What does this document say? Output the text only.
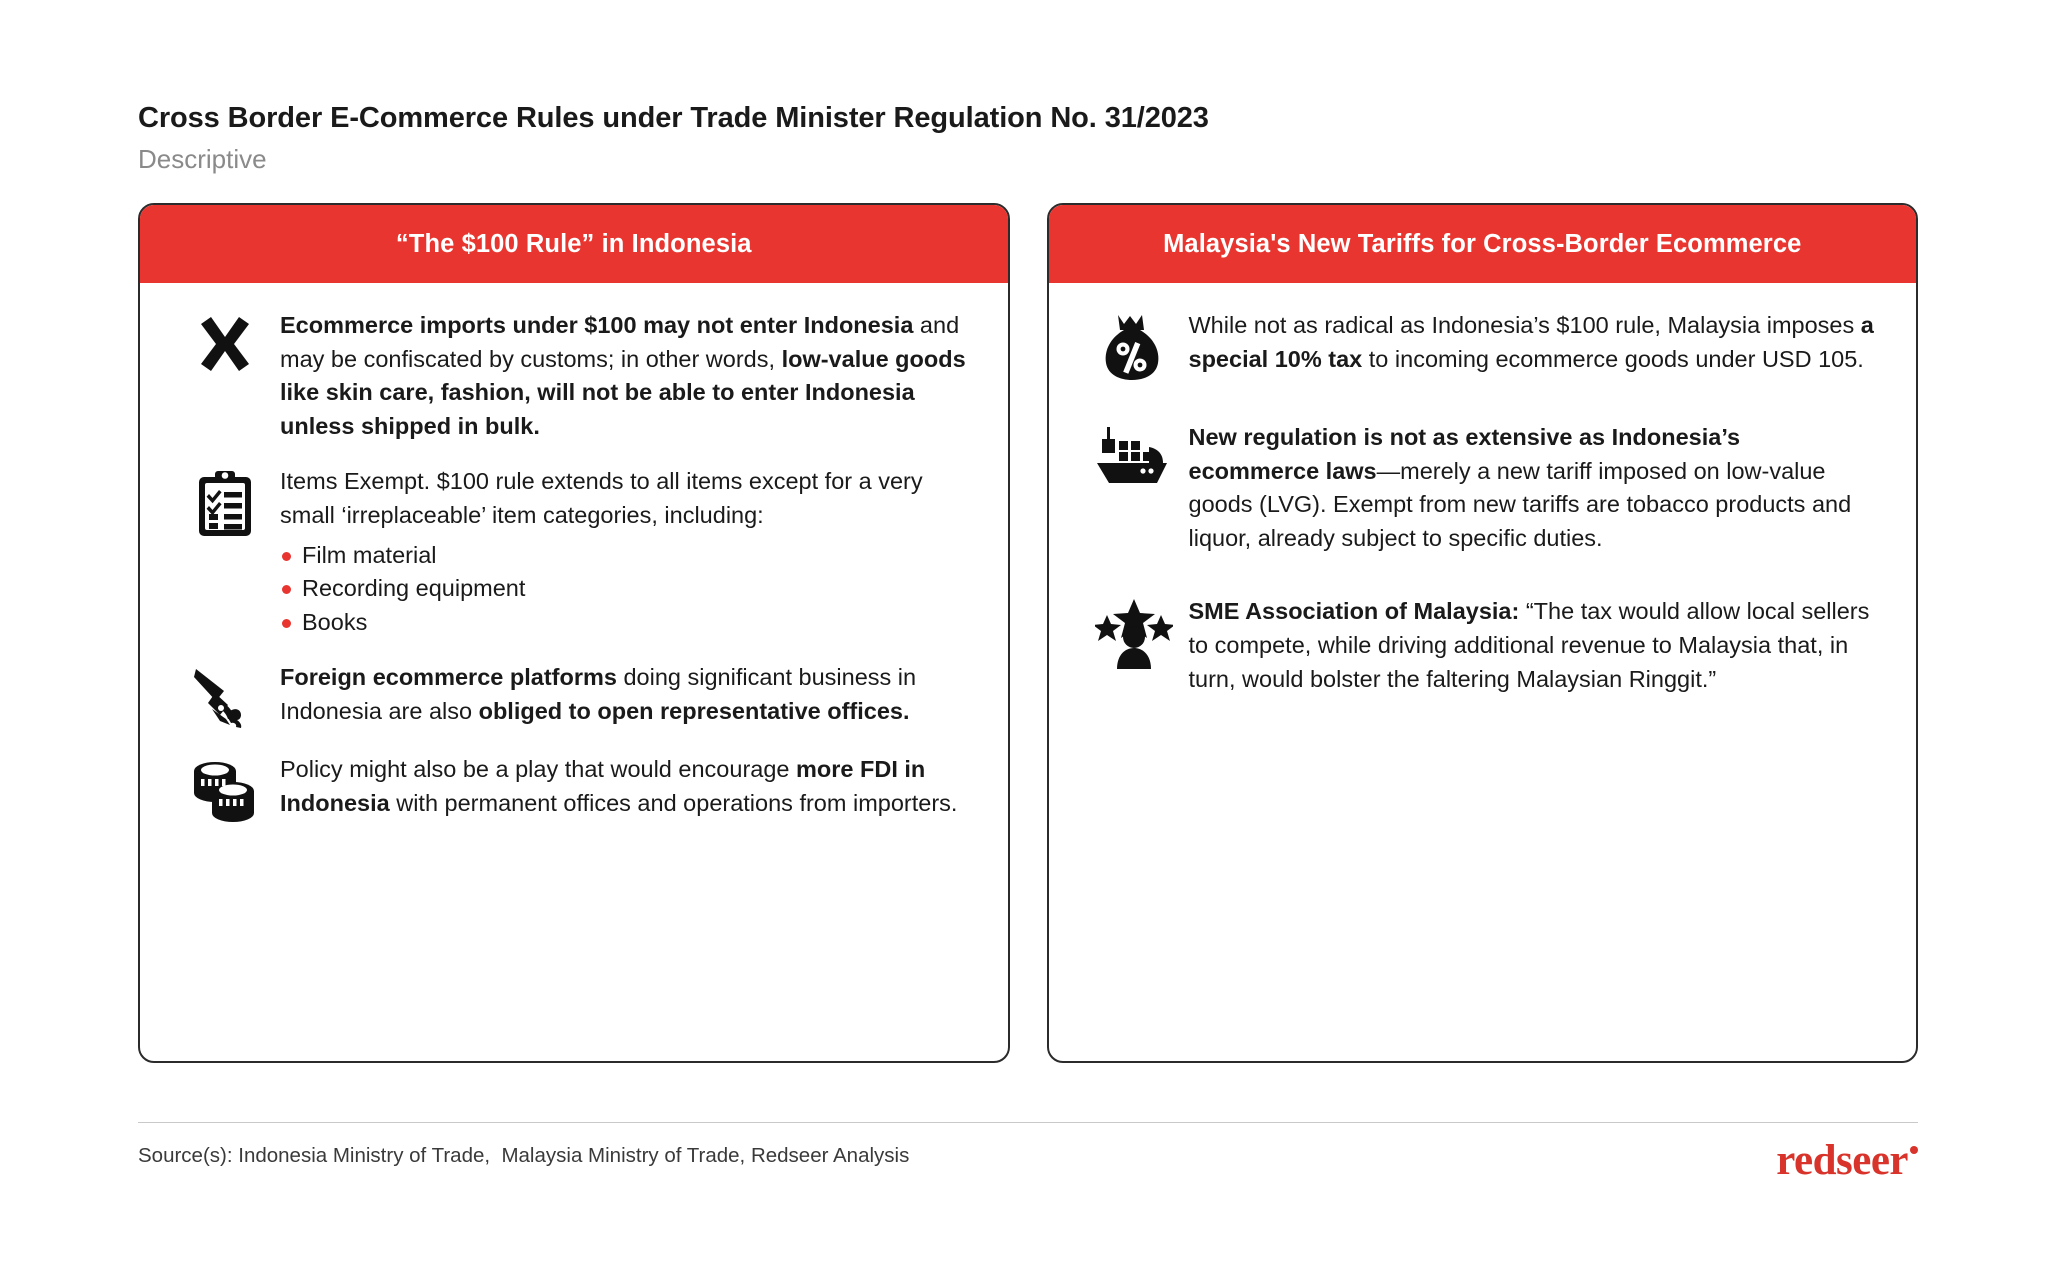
Cross Border E-Commerce Rules under Trade Minister Regulation No. 31/2023
Descriptive
“The $100 Rule” in Indonesia
Ecommerce imports under $100 may not enter Indonesia and may be confiscated by customs; in other words, low-value goods like skin care, fashion, will not be able to enter Indonesia unless shipped in bulk.
Items Exempt. $100 rule extends to all items except for a very small ‘irreplaceable’ item categories, including:
Film material
Recording equipment
Books
Foreign ecommerce platforms doing significant business in Indonesia are also obliged to open representative offices.
Policy might also be a play that would encourage more FDI in Indonesia with permanent offices and operations from importers.
Malaysia's New Tariffs for Cross-Border Ecommerce
While not as radical as Indonesia’s $100 rule, Malaysia imposes a special 10% tax to incoming ecommerce goods under USD 105.
New regulation is not as extensive as Indonesia’s ecommerce laws—merely a new tariff imposed on low-value goods (LVG). Exempt from new tariffs are tobacco products and liquor, already subject to specific duties.
SME Association of Malaysia: “The tax would allow local sellers to compete, while driving additional revenue to Malaysia that, in turn, would bolster the faltering Malaysian Ringgit.”
Source(s): Indonesia Ministry of Trade,  Malaysia Ministry of Trade, Redseer Analysis	redseer
